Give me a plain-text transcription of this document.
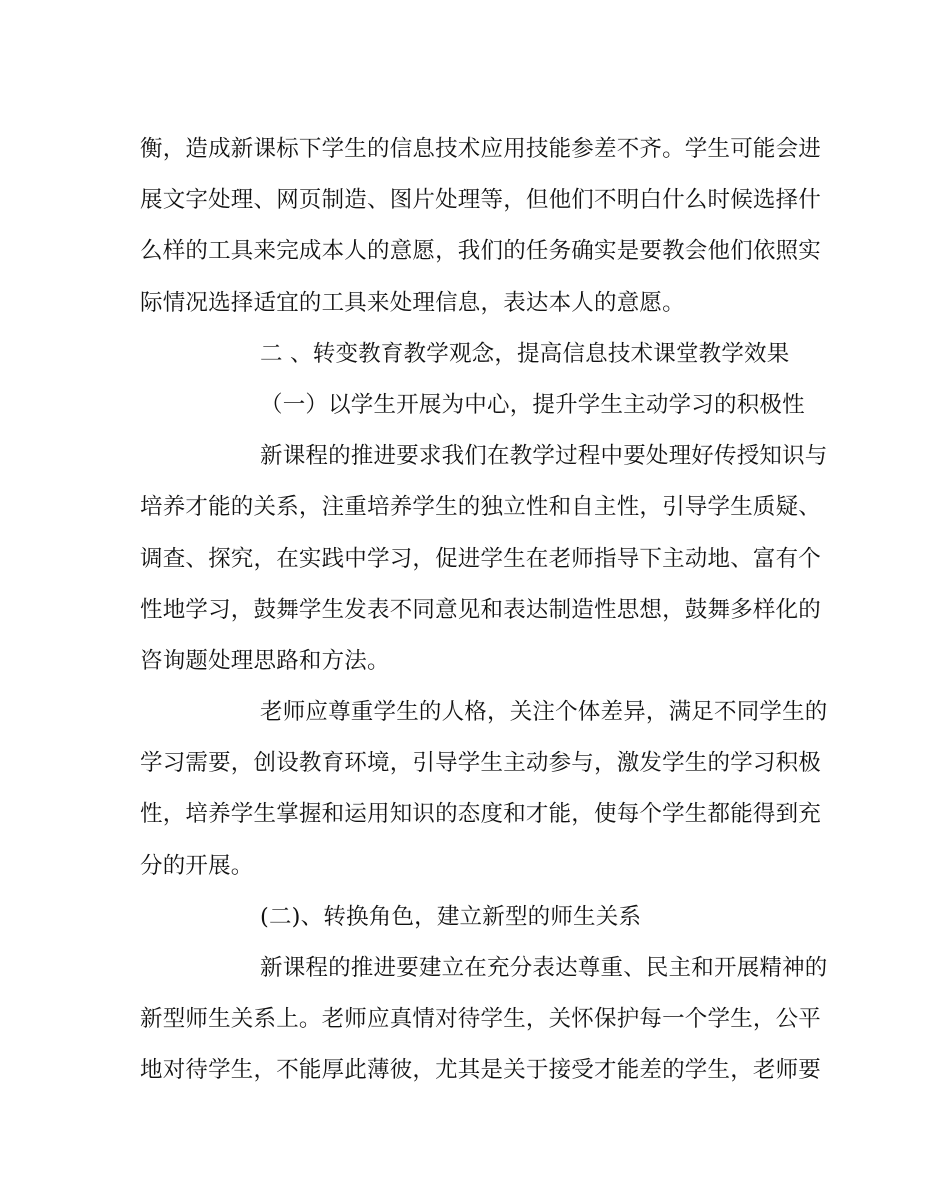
衡，造成新课标下学生的信息技术应用技能参差不齐。学生可能会进
展文字处理、网页制造、图片处理等，但他们不明白什么时候选择什
么样的工具来完成本人的意愿，我们的任务确实是要教会他们依照实
际情况选择适宜的工具来处理信息，表达本人的意愿。
二 、转变教育教学观念，提高信息技术课堂教学效果
（一）以学生开展为中心，提升学生主动学习的积极性
新课程的推进要求我们在教学过程中要处理好传授知识与
培养才能的关系，注重培养学生的独立性和自主性，引导学生质疑、
调查、探究，在实践中学习，促进学生在老师指导下主动地、富有个
性地学习，鼓舞学生发表不同意见和表达制造性思想，鼓舞多样化的
咨询题处理思路和方法。
老师应尊重学生的人格，关注个体差异，满足不同学生的
学习需要，创设教育环境，引导学生主动参与，激发学生的学习积极
性，培养学生掌握和运用知识的态度和才能，使每个学生都能得到充
分的开展。
(二)、转换角色，建立新型的师生关系
新课程的推进要建立在充分表达尊重、民主和开展精神的
新型师生关系上。老师应真情对待学生，关怀保护每一个学生，公平
地对待学生，不能厚此薄彼，尤其是关于接受才能差的学生，老师要
